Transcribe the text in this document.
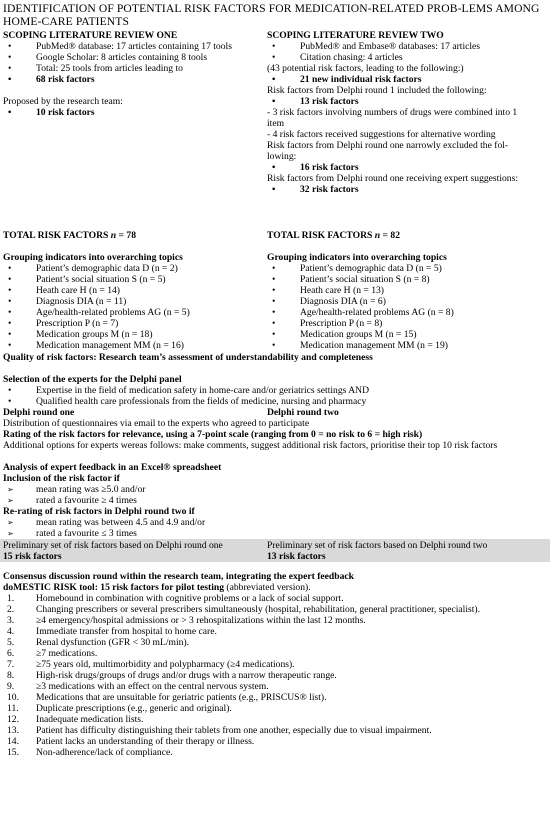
IDENTIFICATION OF POTENTIAL RISK FACTORS FOR MEDICATION-RELATED PROB-LEMS AMONG HOME-CARE PATIENTS
SCOPING LITERATURE REVIEW ONE
• PubMed® database: 17 articles containing 17 tools
• Google Scholar: 8 articles containing 8 tools
• Total: 25 tools from articles leading to
• 68 risk factors
Proposed by the research team:
• 10 risk factors
TOTAL RISK FACTORS n = 78
Grouping indicators into overarching topics
• Patient’s demographic data D (n = 2)
• Patient’s social situation S (n = 5)
• Heath care H (n = 14)
• Diagnosis DIA (n = 11)
• Age/health-related problems AG (n = 5)
• Prescription P (n = 7)
• Medication groups M (n = 18)
• Medication management MM (n = 16)
SCOPING LITERATURE REVIEW TWO
• PubMed® and Embase® databases: 17 articles
• Citation chasing: 4 articles
(43 potential risk factors, leading to the following:)
• 21 new individual risk factors
Risk factors from Delphi round 1 included the following:
• 13 risk factors
- 3 risk factors involving numbers of drugs were combined into 1
item
- 4 risk factors received suggestions for alternative wording
Risk factors from Delphi round one narrowly excluded the fol-
lowing:
• 16 risk factors
Risk factors from Delphi round one receiving expert suggestions:
• 32 risk factors
TOTAL RISK FACTORS n = 82
Grouping indicators into overarching topics
• Patient’s demographic data D (n = 5)
• Patient’s social situation S (n = 8)
• Heath care H (n = 13)
• Diagnosis DIA (n = 6)
• Age/health-related problems AG (n = 8)
• Prescription P (n = 8)
• Medication groups M (n = 15)
• Medication management MM (n = 19)
Quality of risk factors: Research team’s assessment of understandability and completeness
Selection of the experts for the Delphi panel
• Expertise in the field of medication safety in home-care and/or geriatrics settings AND
• Qualified health care professionals from the fields of medicine, nursing and pharmacy
Delphi round one	Delphi round two
Distribution of questionnaires via email to the experts who agreed to participate
Rating of the risk factors for relevance, using a 7-point scale (ranging from 0 = no risk to 6 = high risk)
Additional options for experts wereas follows: make comments, suggest additional risk factors, prioritise their top 10 risk factors
Analysis of expert feedback in an Excel® spreadsheet
Inclusion of the risk factor if
➢ mean rating was ≥5.0 and/or
➢ rated a favourite ≥ 4 times
Re-rating of risk factors in Delphi round two if
➢ mean rating was between 4.5 and 4.9 and/or
➢ rated a favourite ≤ 3 times
Preliminary set of risk factors based on Delphi round one
15 risk factors
Preliminary set of risk factors based on Delphi round two
13 risk factors
Consensus discussion round within the research team, integrating the expert feedback
doMESTIC RISK tool: 15 risk factors for pilot testing (abbreviated version).
1. Homebound in combination with cognitive problems or a lack of social support.
2. Changing prescribers or several prescribers simultaneously (hospital, rehabilitation, general practitioner, specialist).
3. ≥4 emergency/hospital admissions or > 3 rehospitalizations within the last 12 months.
4. Immediate transfer from hospital to home care.
5. Renal dysfunction (GFR < 30 mL/min).
6. ≥7 medications.
7. ≥75 years old, multimorbidity and polypharmacy (≥4 medications).
8. High-risk drugs/groups of drugs and/or drugs with a narrow therapeutic range.
9. ≥3 medications with an effect on the central nervous system.
10. Medications that are unsuitable for geriatric patients (e.g., PRISCUS® list).
11. Duplicate prescriptions (e.g., generic and original).
12. Inadequate medication lists.
13. Patient has difficulty distinguishing their tablets from one another, especially due to visual impairment.
14. Patient lacks an understanding of their therapy or illness.
15. Non-adherence/lack of compliance.
